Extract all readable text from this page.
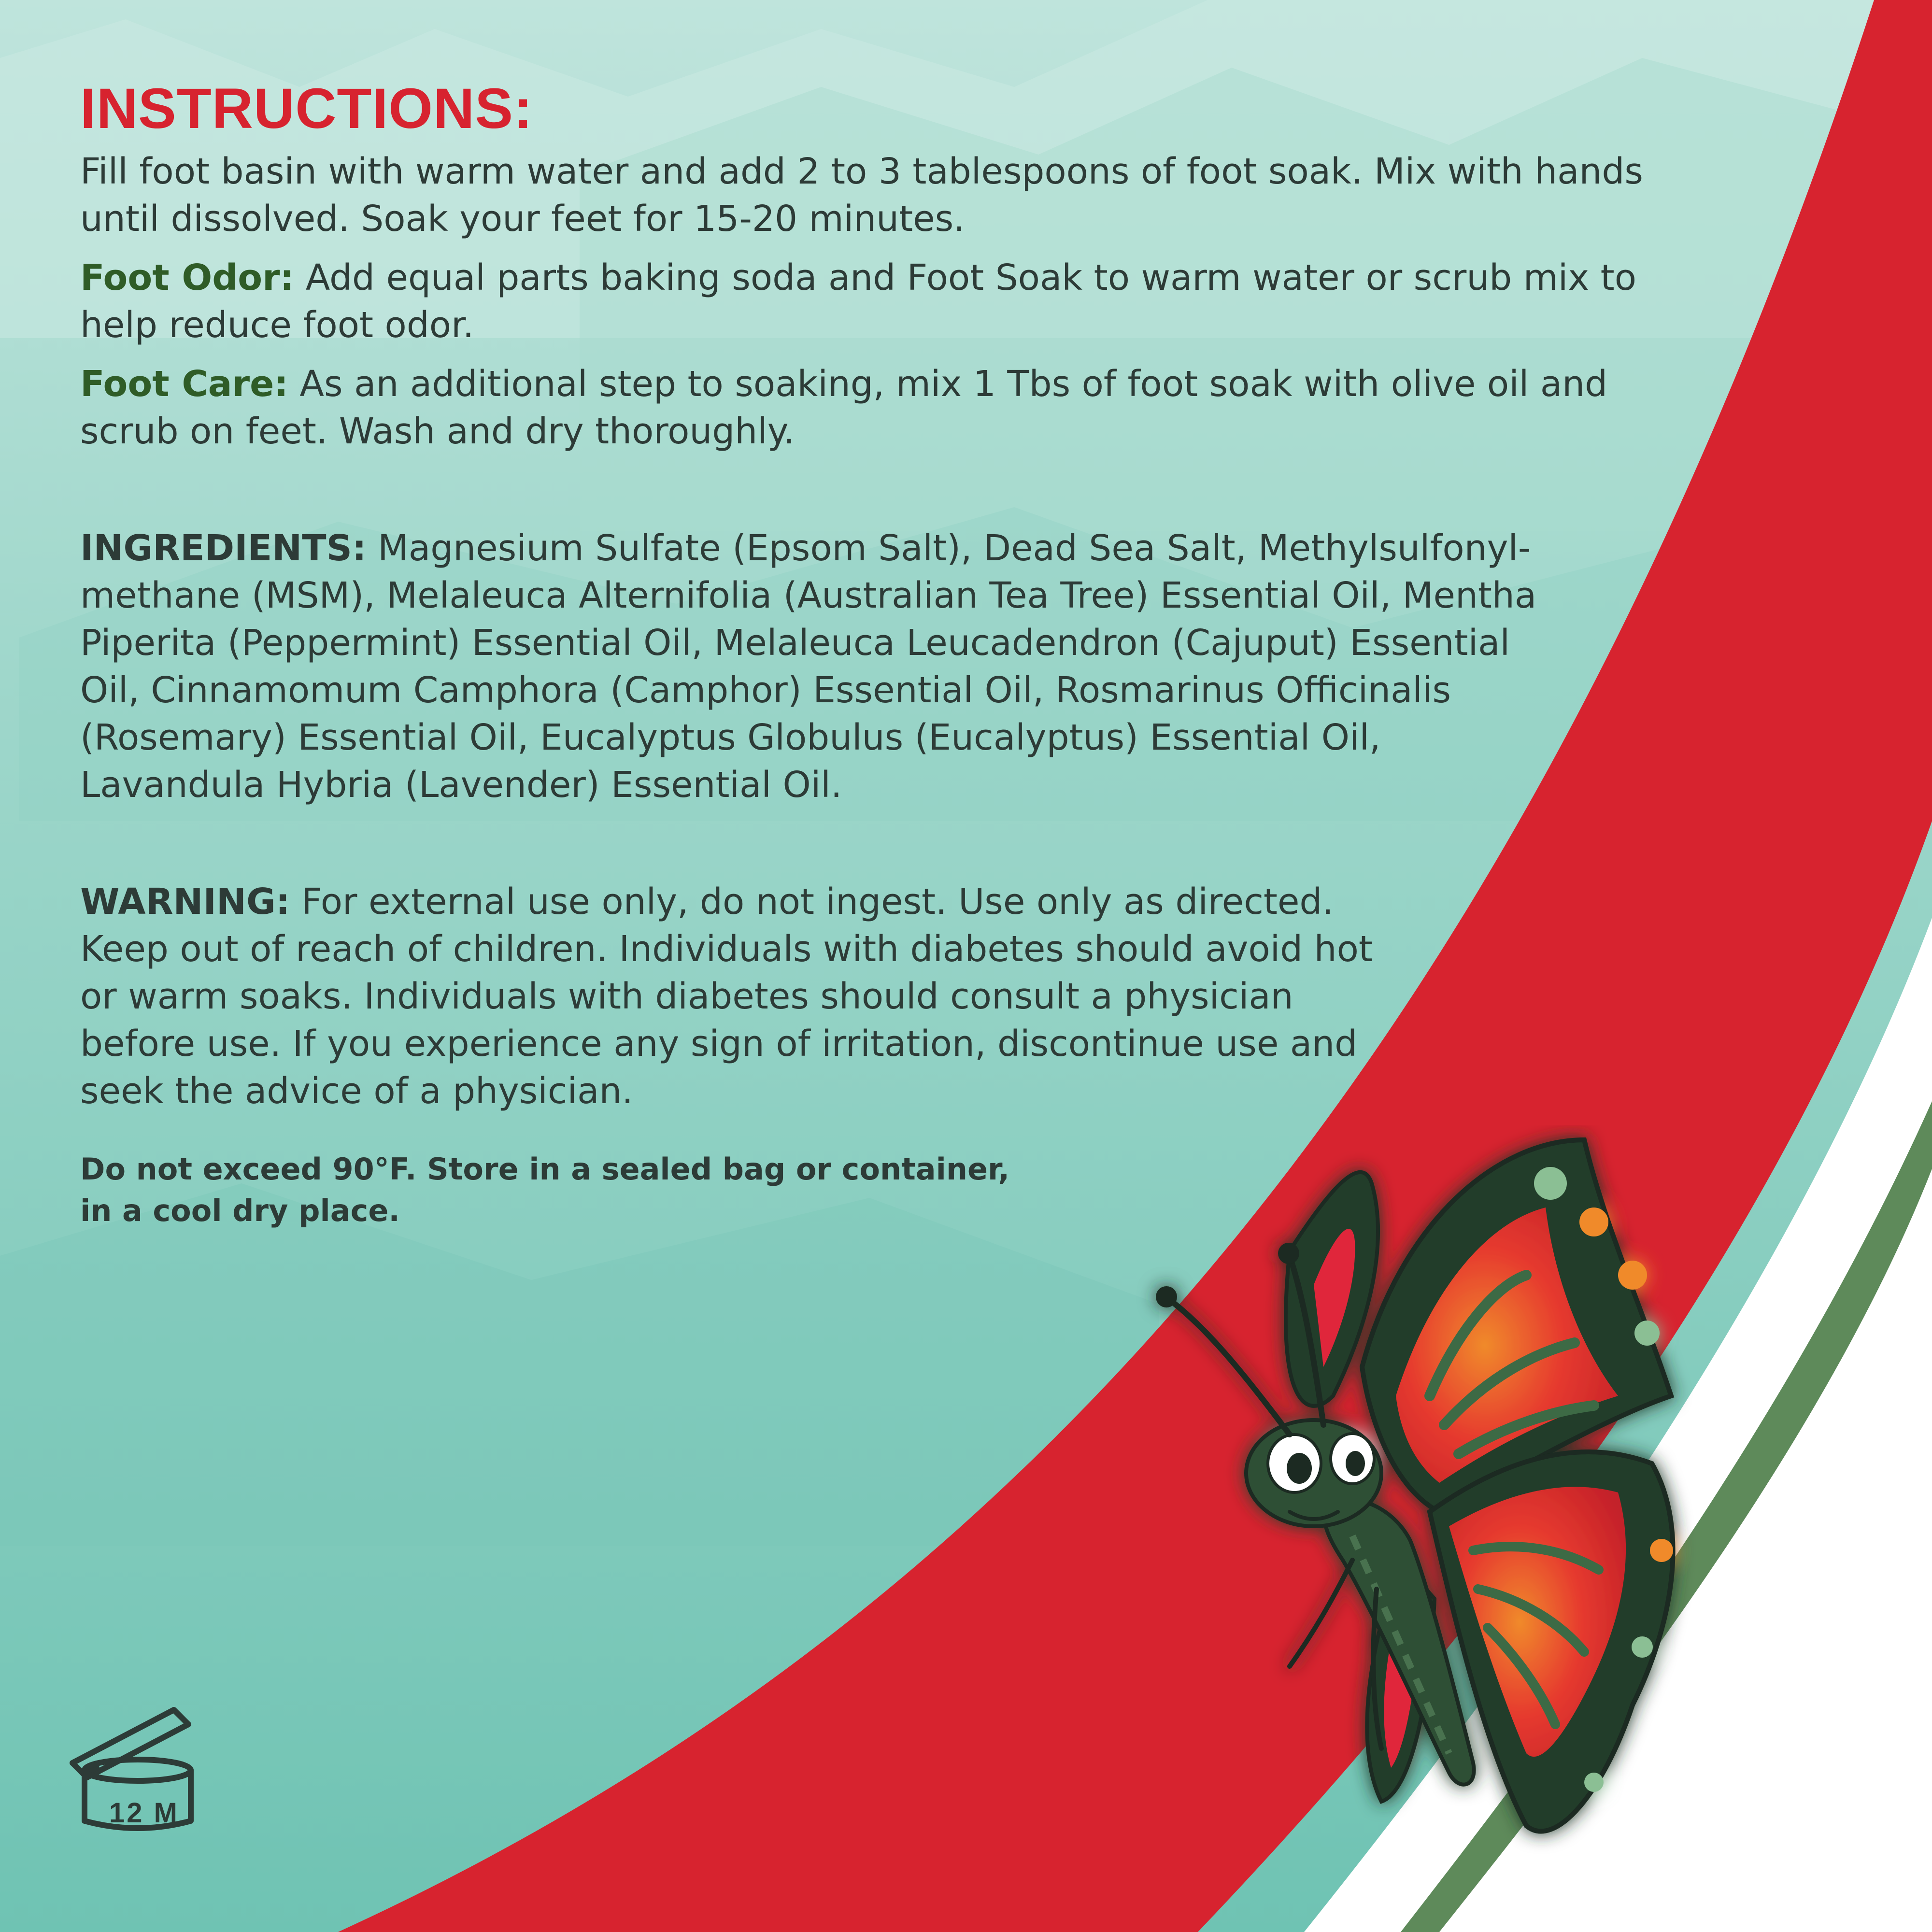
INSTRUCTIONS:

Fill foot basin with warm water and add 2 to 3 tablespoons of foot soak. Mix with hands until dissolved. Soak your feet for 15-20 minutes.

Foot Odor: Add equal parts baking soda and Foot Soak to warm water or scrub mix to help reduce foot odor.

Foot Care: As an additional step to soaking, mix 1 Tbs of foot soak with olive oil and scrub on feet. Wash and dry thoroughly.

INGREDIENTS: Magnesium Sulfate (Epsom Salt), Dead Sea Salt, Methylsulfonyl-methane (MSM), Melaleuca Alternifolia (Australian Tea Tree) Essential Oil, Mentha Piperita (Peppermint) Essential Oil, Melaleuca Leucadendron (Cajuput) Essential Oil, Cinnamomum Camphora (Camphor) Essential Oil, Rosmarinus Officinalis (Rosemary) Essential Oil, Eucalyptus Globulus (Eucalyptus) Essential Oil, Lavandula Hybria (Lavender) Essential Oil.

WARNING: For external use only, do not ingest. Use only as directed. Keep out of reach of children. Individuals with diabetes should avoid hot or warm soaks. Individuals with diabetes should consult a physician before use. If you experience any sign of irritation, discontinue use and seek the advice of a physician.

Do not exceed 90°F. Store in a sealed bag or container,
in a cool dry place.
12 M
